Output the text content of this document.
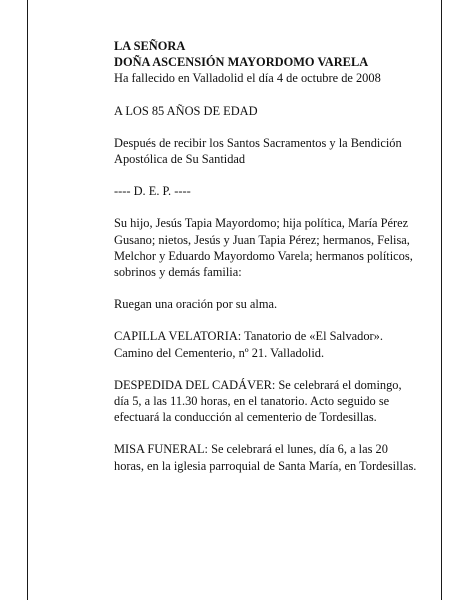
LA SEÑORA

DOÑA ASCENSIÓN MAYORDOMO VARELA

Ha fallecido en Valladolid el día 4 de octubre de 2008

A LOS 85 AÑOS DE EDAD

Después de recibir los Santos Sacramentos y la Bendición Apostólica de Su Santidad

---- D. E. P. ----

Su hijo, Jesús Tapia Mayordomo; hija política, María Pérez Gusano; nietos, Jesús y Juan Tapia Pérez; hermanos, Felisa, Melchor y Eduardo Mayordomo Varela; hermanos políticos, sobrinos y demás familia:

Ruegan una oración por su alma.

CAPILLA VELATORIA: Tanatorio de «El Salvador». Camino del Cementerio, nº 21. Valladolid.

DESPEDIDA DEL CADÁVER: Se celebrará el domingo, día 5, a las 11.30 horas, en el tanatorio. Acto seguido se efectuará la conducción al cementerio de Tordesillas.

MISA FUNERAL: Se celebrará el lunes, día 6, a las 20 horas, en la iglesia parroquial de Santa María, en Tordesillas.
